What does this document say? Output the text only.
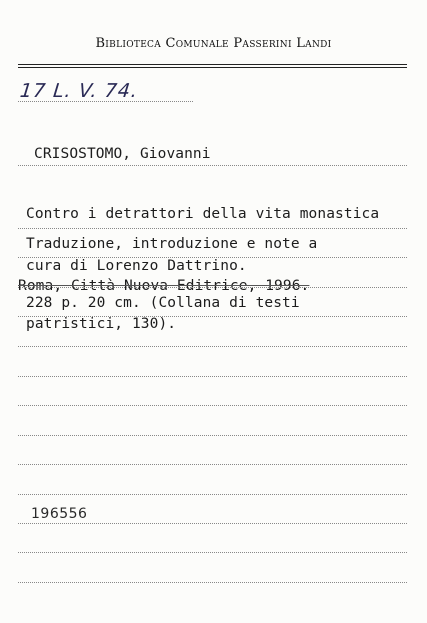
Biblioteca Comunale Passerini Landi
17 L. V. 74.
CRISOSTOMO, Giovanni
Contro i detrattori della vita monastica
Traduzione, introduzione e note a
cura di Lorenzo Dattrino.
Roma, Città Nuova Editrice, 1996.
228 p. 20 cm. (Collana di testi
patristici, 130).
196556
